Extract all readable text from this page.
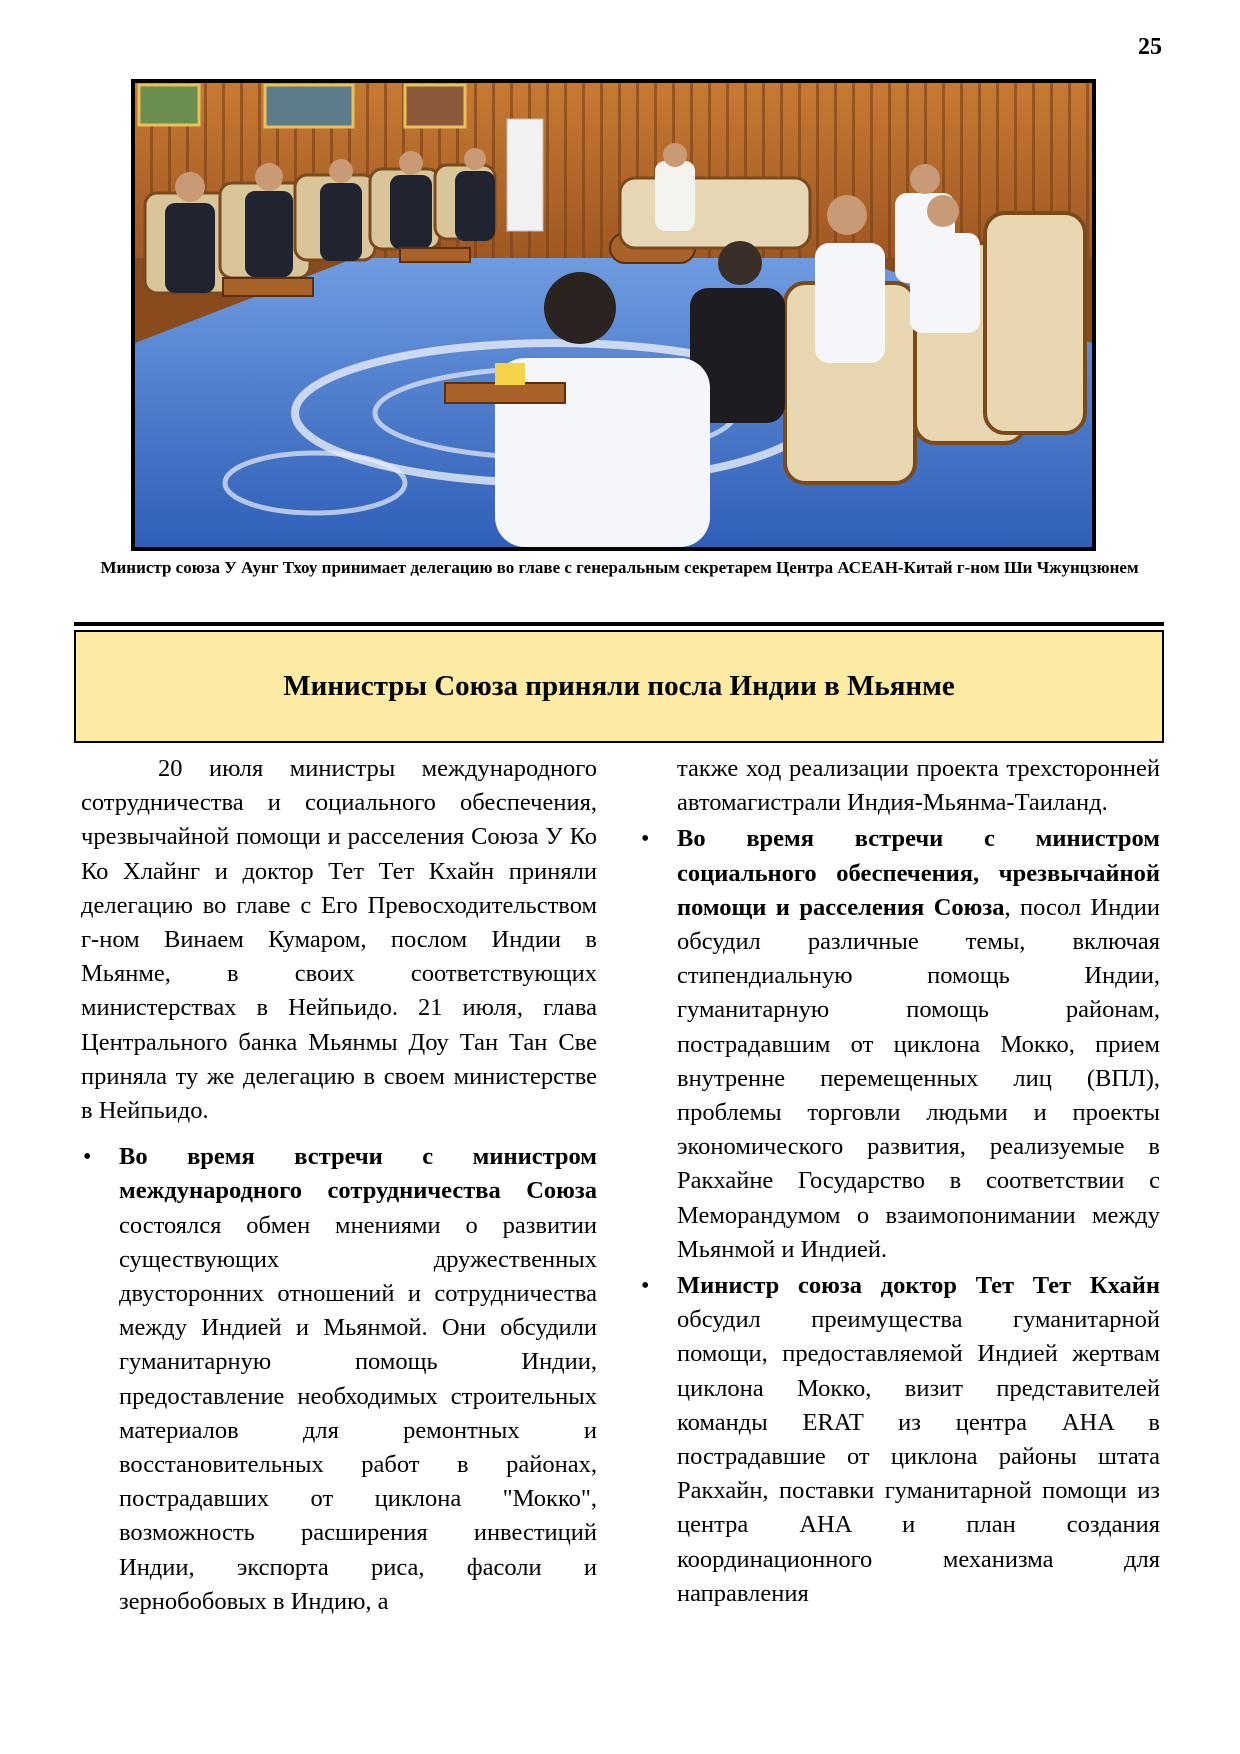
25
Министр союза У Аунг Тхоу принимает делегацию во главе с генеральным секретарем Центра АСЕАН-Китай г-ном Ши Чжунцзюнем
Министры Союза приняли посла Индии в Мьянме

20 июля министры международного сотрудничества и социального обеспечения, чрезвычайной помощи и расселения Союза У Ко Ко Хлайнг и доктор Тет Тет Кхайн приняли делегацию во главе с Его Превосходительством г-ном Винаем Кумаром, послом Индии в Мьянме, в своих соответствующих министерствах в Нейпьидо. 21 июля, глава Центрального банка Мьянмы Доу Тан Тан Све приняла ту же делегацию в своем министерстве в Нейпьидо.

• Во время встречи с министром международного сотрудничества Союза состоялся обмен мнениями о развитии существующих дружественных двусторонних отношений и сотрудничества между Индией и Мьянмой. Они обсудили гуманитарную помощь Индии, предоставление необходимых строительных материалов для ремонтных и восстановительных работ в районах, пострадавших от циклона "Мокко", возможность расширения инвестиций Индии, экспорта риса, фасоли и зернобобовых в Индию, а

также ход реализации проекта трехсторонней автомагистрали Индия-Мьянма-Таиланд.

• Во время встречи с министром социального обеспечения, чрезвычайной помощи и расселения Союза, посол Индии обсудил различные темы, включая стипендиальную помощь Индии, гуманитарную помощь районам, пострадавшим от циклона Мокко, прием внутренне перемещенных лиц (ВПЛ), проблемы торговли людьми и проекты экономического развития, реализуемые в Ракхайне Государство в соответствии с Меморандумом о взаимопонимании между Мьянмой и Индией.

• Министр союза доктор Тет Тет Кхайн обсудил преимущества гуманитарной помощи, предоставляемой Индией жертвам циклона Мокко, визит представителей команды ERAT из центра AHA в пострадавшие от циклона районы штата Ракхайн, поставки гуманитарной помощи из центра AHA и план создания координационного механизма для направления
